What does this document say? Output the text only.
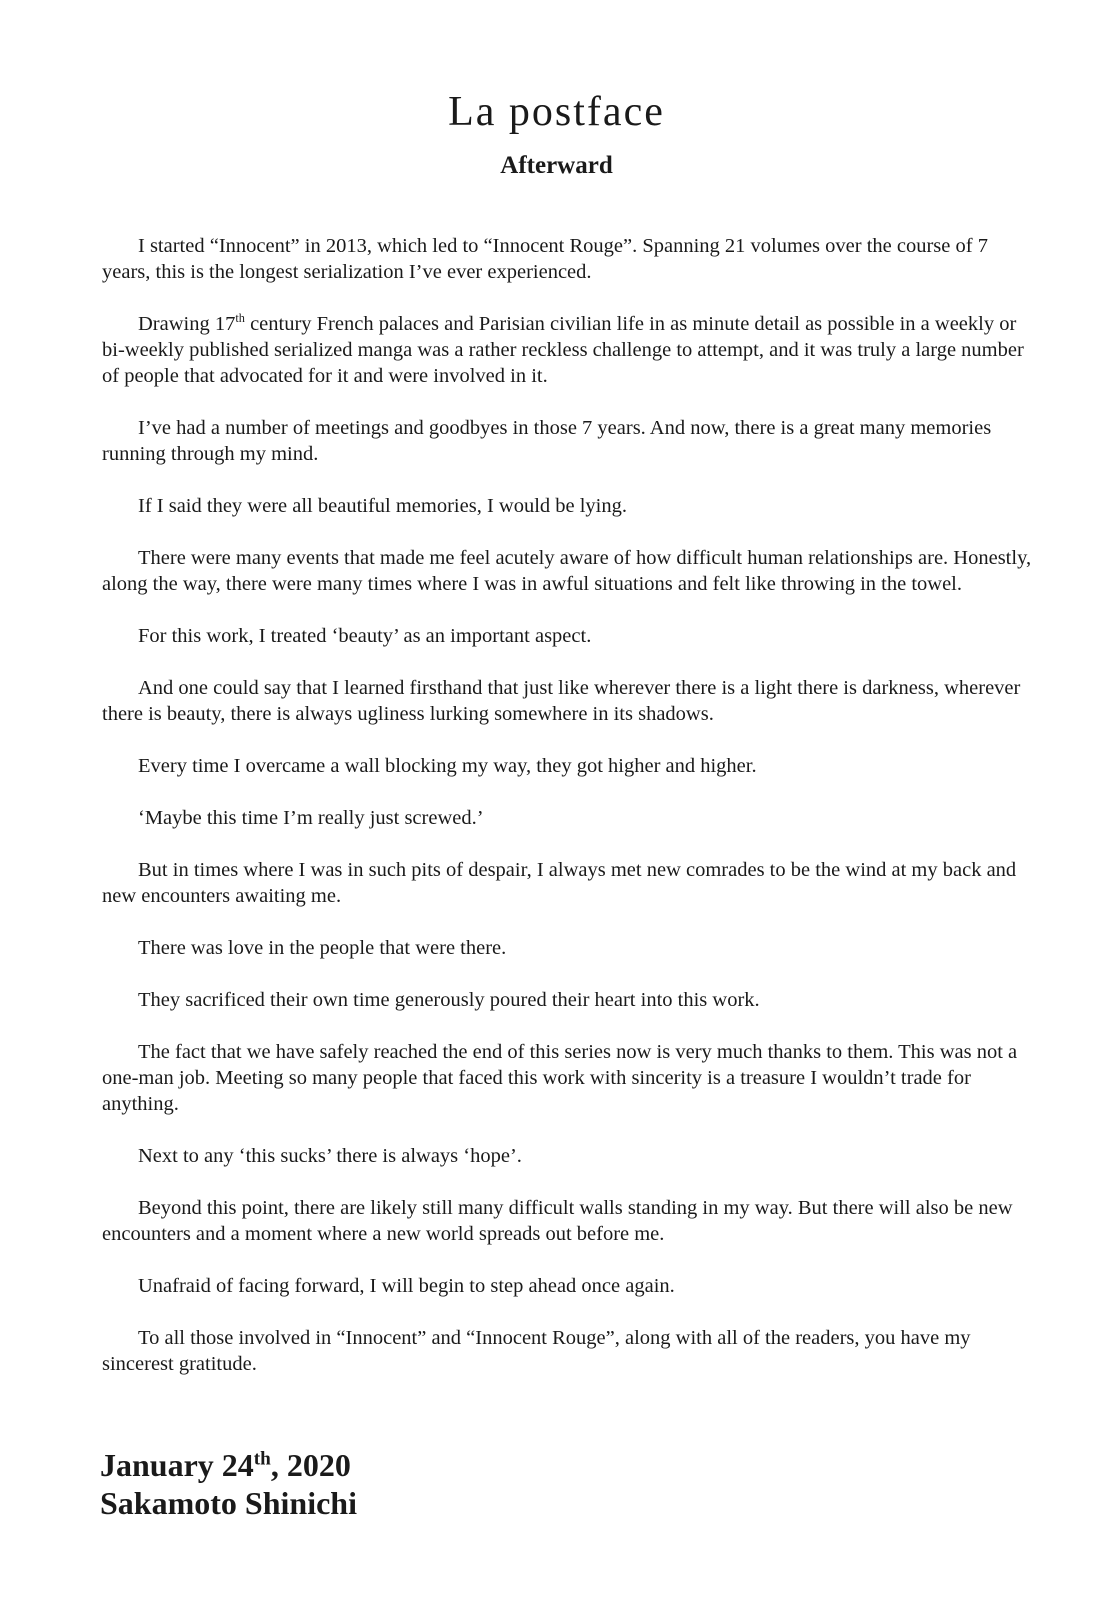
La postface
Afterward

I started “Innocent” in 2013, which led to “Innocent Rouge”. Spanning 21 volumes over the course of 7 years, this is the longest serialization I’ve ever experienced.

Drawing 17th century French palaces and Parisian civilian life in as minute detail as possible in a weekly or bi-weekly published serialized manga was a rather reckless challenge to attempt, and it was truly a large number of people that advocated for it and were involved in it.

I’ve had a number of meetings and goodbyes in those 7 years. And now, there is a great many memories running through my mind.

If I said they were all beautiful memories, I would be lying.

There were many events that made me feel acutely aware of how difficult human relationships are. Honestly, along the way, there were many times where I was in awful situations and felt like throwing in the towel.

For this work, I treated ‘beauty’ as an important aspect.

And one could say that I learned firsthand that just like wherever there is a light there is darkness, wherever there is beauty, there is always ugliness lurking somewhere in its shadows.

Every time I overcame a wall blocking my way, they got higher and higher.

‘Maybe this time I’m really just screwed.’

But in times where I was in such pits of despair, I always met new comrades to be the wind at my back and new encounters awaiting me.

There was love in the people that were there.

They sacrificed their own time generously poured their heart into this work.

The fact that we have safely reached the end of this series now is very much thanks to them. This was not a one-man job. Meeting so many people that faced this work with sincerity is a treasure I wouldn’t trade for anything.

Next to any ‘this sucks’ there is always ‘hope’.

Beyond this point, there are likely still many difficult walls standing in my way. But there will also be new encounters and a moment where a new world spreads out before me.

Unafraid of facing forward, I will begin to step ahead once again.

To all those involved in “Innocent” and “Innocent Rouge”, along with all of the readers, you have my sincerest gratitude.

January 24th, 2020
Sakamoto Shinichi
